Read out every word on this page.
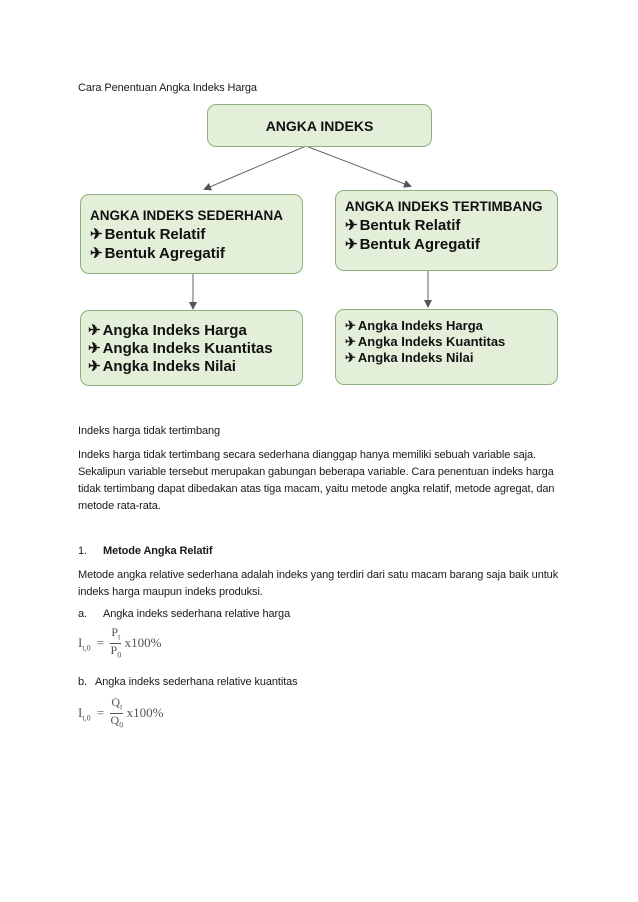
Cara Penentuan Angka Indeks Harga
ANGKA INDEKS
ANGKA INDEKS SEDERHANA
✈ Bentuk Relatif
✈ Bentuk Agregatif
ANGKA INDEKS TERTIMBANG
✈ Bentuk Relatif
✈ Bentuk Agregatif
✈ Angka Indeks Harga
✈ Angka Indeks Kuantitas
✈ Angka Indeks Nilai
✈ Angka Indeks Harga
✈ Angka Indeks Kuantitas
✈ Angka Indeks Nilai
Indeks harga tidak tertimbang
Indeks harga tidak tertimbang secara sederhana dianggap hanya memiliki sebuah variable saja. Sekalipun variable tersebut merupakan gabungan beberapa variable. Cara penentuan indeks harga tidak tertimbang dapat dibedakan atas tiga macam, yaitu metode angka relatif, metode agregat, dan metode rata-rata.
1. Metode Angka Relatif
Metode angka relative sederhana adalah indeks yang terdiri dari satu macam barang saja baik untuk indeks harga maupun indeks produksi.
a. Angka indeks sederhana relative harga
$I_{t,0} = \frac{P_t}{P_0} x100\%$
b. Angka indeks sederhana relative kuantitas
$I_{t,0} = \frac{Q_t}{Q_0} x100\%$
